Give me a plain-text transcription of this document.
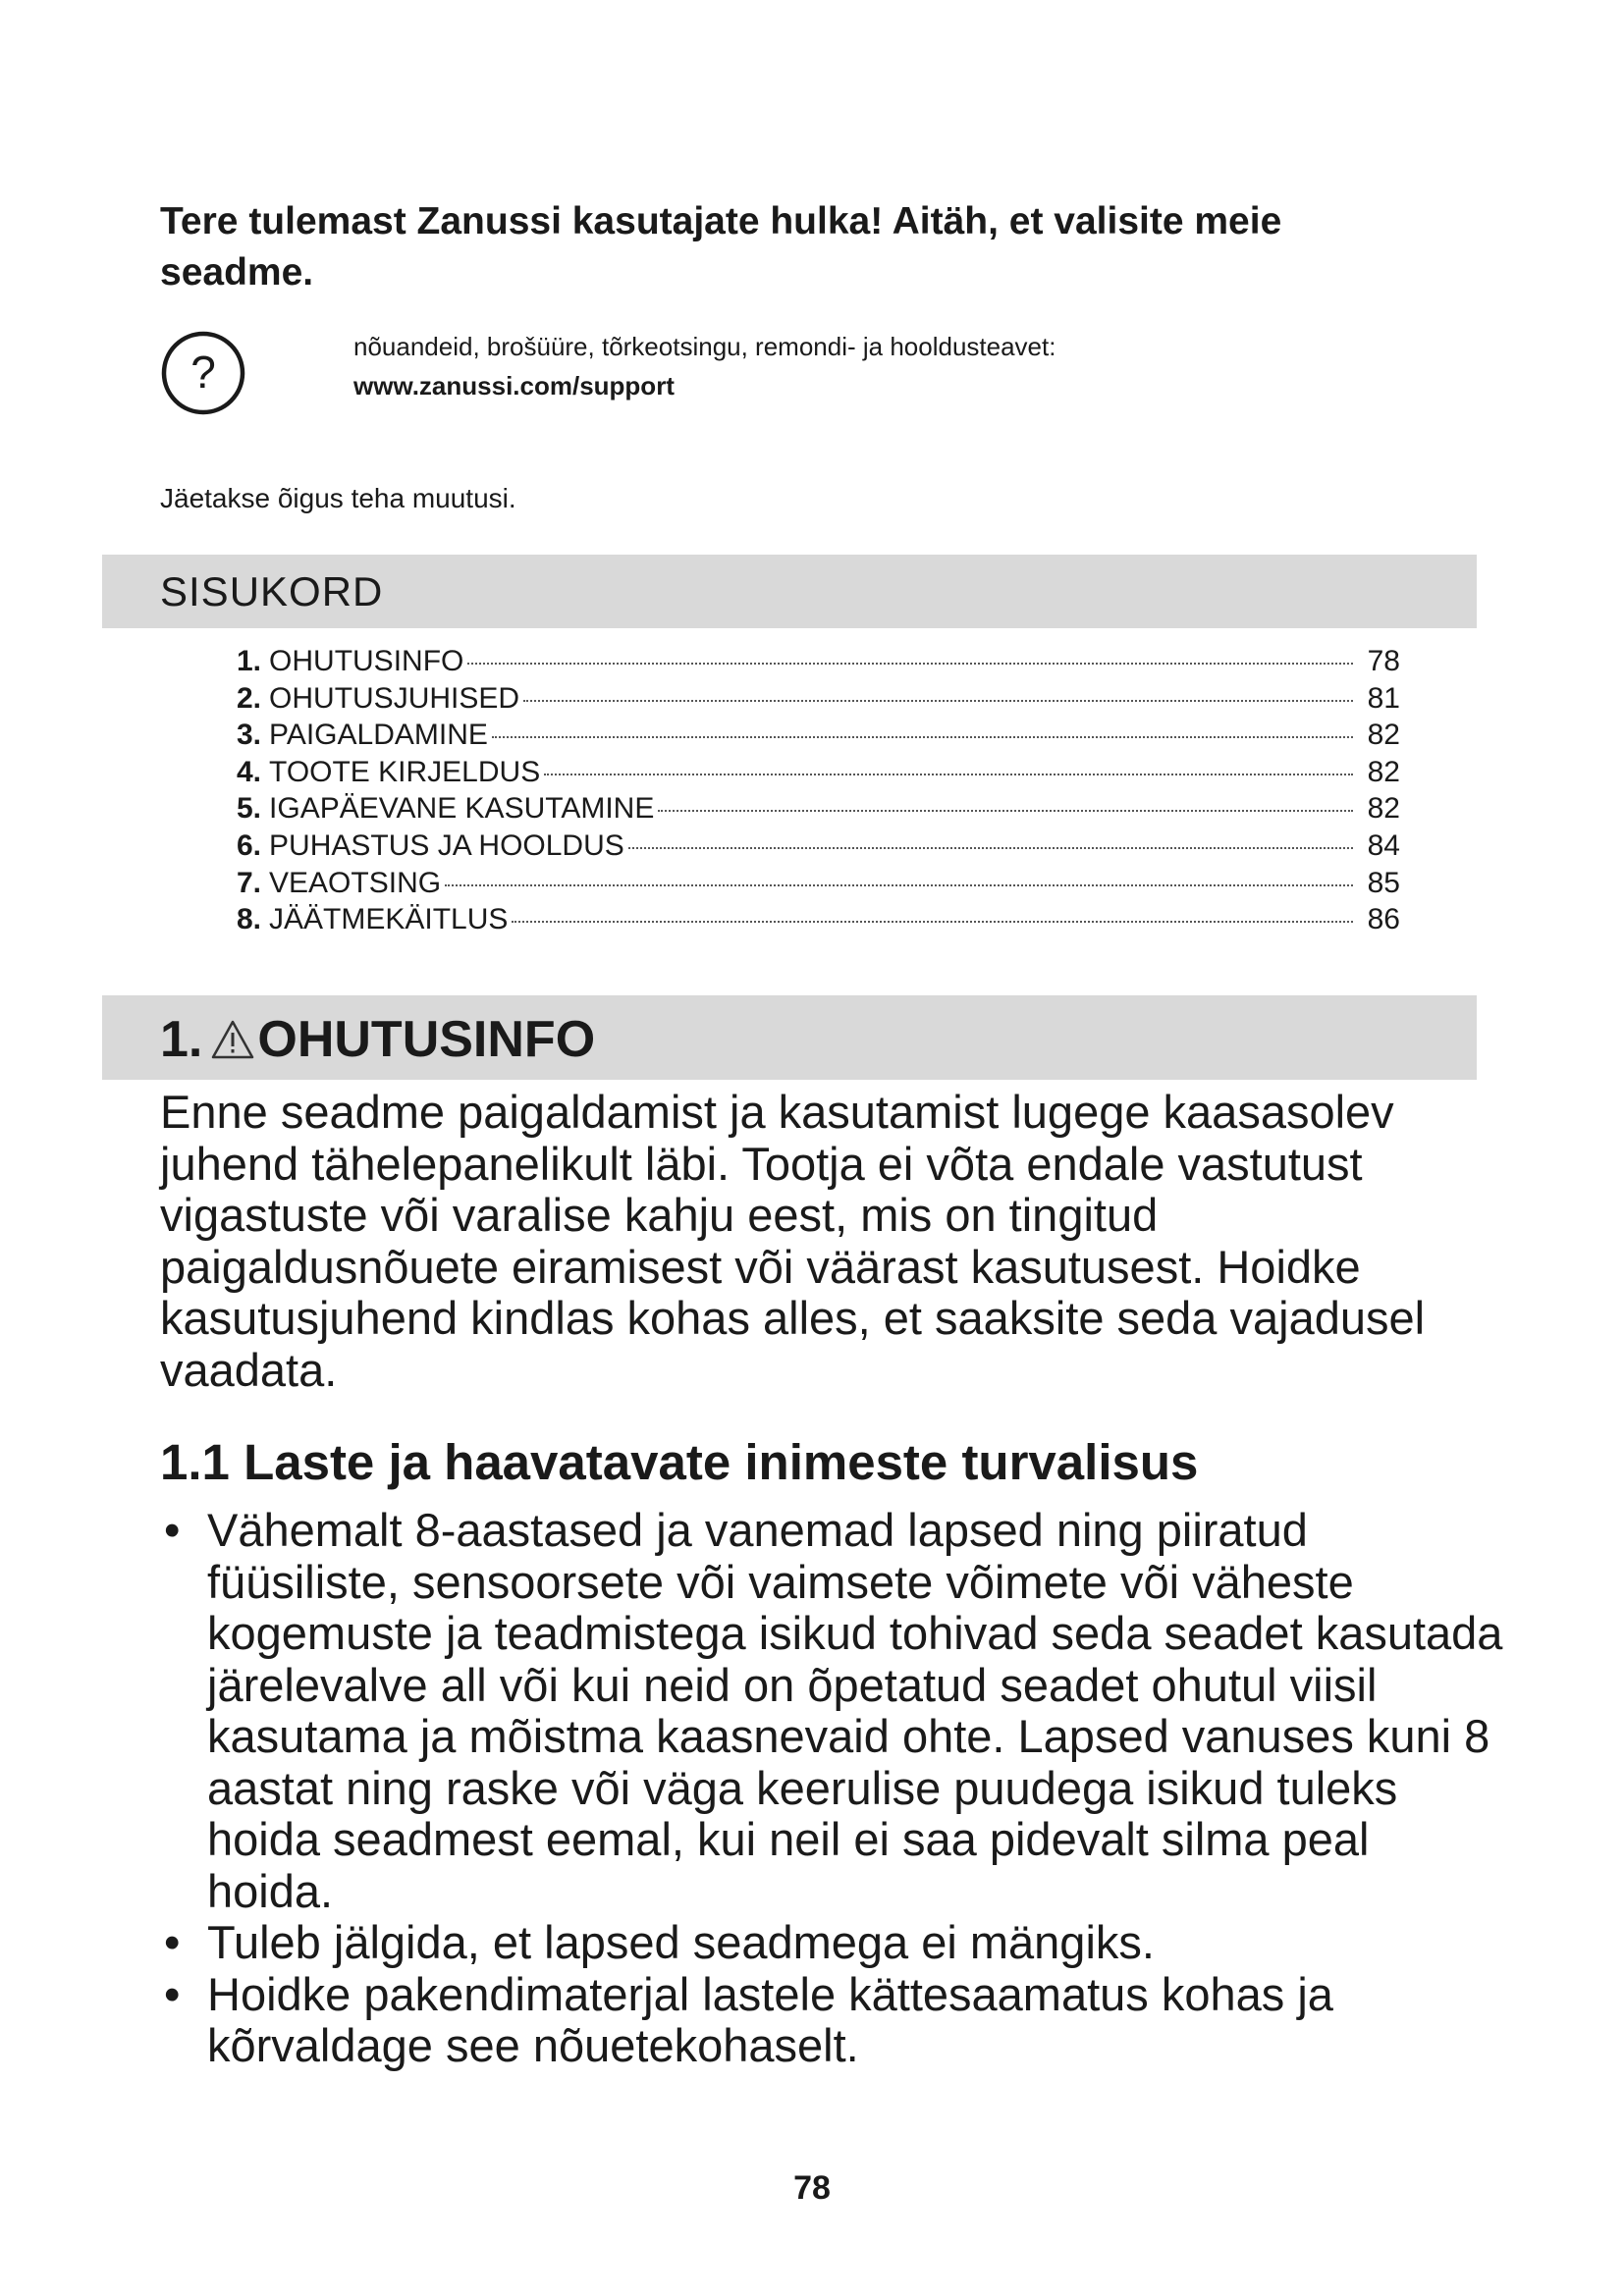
Tere tulemast Zanussi kasutajate hulka! Aitäh, et valisite meie seadme.
?	nõuandeid, brošüüre, tõrkeotsingu, remondi- ja hooldusteavet:
www.zanussi.com/support
Jäetakse õigus teha muutusi.
SISUKORD
1. OHUTUSINFO	78
2. OHUTUSJUHISED	81
3. PAIGALDAMINE	82
4. TOOTE KIRJELDUS	82
5. IGAPÄEVANE KASUTAMINE	82
6. PUHASTUS JA HOOLDUS	84
7. VEAOTSING	85
8. JÄÄTMEKÄITLUS	86
1. OHUTUSINFO

Enne seadme paigaldamist ja kasutamist lugege kaasasolev juhend tähelepanelikult läbi. Tootja ei võta endale vastutust vigastuste või varalise kahju eest, mis on tingitud paigaldusnõuete eiramisest või väärast kasutusest. Hoidke kasutusjuhend kindlas kohas alles, et saaksite seda vajadusel vaadata.

1.1 Laste ja haavatavate inimeste turvalisus
• Vähemalt 8-aastased ja vanemad lapsed ning piiratud füüsiliste, sensoorsete või vaimsete võimete või väheste kogemuste ja teadmistega isikud tohivad seda seadet kasutada järelevalve all või kui neid on õpetatud seadet ohutul viisil kasutama ja mõistma kaasnevaid ohte. Lapsed vanuses kuni 8 aastat ning raske või väga keerulise puudega isikud tuleks hoida seadmest eemal, kui neil ei saa pidevalt silma peal hoida.
• Tuleb jälgida, et lapsed seadmega ei mängiks.
• Hoidke pakendimaterjal lastele kättesaamatus kohas ja kõrvaldage see nõuetekohaselt.
78
